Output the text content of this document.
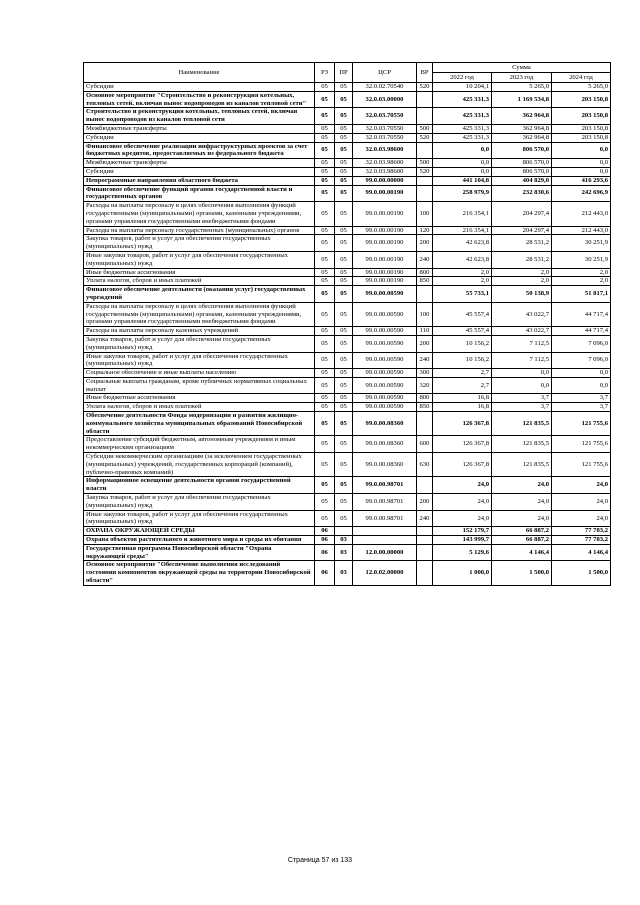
Наименование	РЗ	ПР	ЦСР	ВР	Сумма		
					2022 год	2023 год	2024 год
Субсидии	05	05	32.0.02.70540	520	10 204,1	5 265,0	5 265,0
Основное мероприятие "Строительство и реконструкция котельных, тепловых сетей, включая вынос водопроводов из каналов тепловой сети"	05	05	32.0.03.00000		425 331,3	1 169 534,8	203 150,8
Строительство и реконструкция котельных, тепловых сетей, включая вынос водопроводов из каналов тепловой сети	05	05	32.0.03.70550		425 331,3	362 964,8	203 150,8
Межбюджетные трансферты	05	05	32.0.03.70550	500	425 331,3	362 964,8	203 150,8
Субсидии	05	05	32.0.03.70550	520	425 331,3	362 964,8	203 150,8
Финансовое обеспечение реализации инфраструктурных проектов за счет бюджетных кредитов, предоставляемых из федерального бюджета	05	05	32.0.03.98600		0,0	806 570,0	0,0
Межбюджетные трансферты	05	05	32.0.03.98600	500	0,0	806 570,0	0,0
Субсидии	05	05	32.0.03.98600	520	0,0	806 570,0	0,0
Непрограммные направления областного бюджета	05	05	99.0.00.00000		441 104,8	404 829,0	416 293,6
Финансовое обеспечение функций органов государственной власти и государственных органов	05	05	99.0.00.00190		258 979,9	232 830,6	242 696,9
Расходы на выплаты персоналу в целях обеспечения выполнения функций государственными (муниципальными) органами, казенными учреждениями, органами управления государственными внебюджетными фондами	05	05	99.0.00.00190	100	216 354,1	204 297,4	212 443,0
Расходы на выплаты персоналу государственных (муниципальных) органов	05	05	99.0.00.00190	120	216 354,1	204 297,4	212 443,0
Закупка товаров, работ и услуг для обеспечения государственных (муниципальных) нужд	05	05	99.0.00.00190	200	42 623,8	28 531,2	30 251,9
Иные закупки товаров, работ и услуг для обеспечения государственных (муниципальных) нужд	05	05	99.0.00.00190	240	42 623,8	28 531,2	30 251,9
Иные бюджетные ассигнования	05	05	99.0.00.00190	800	2,0	2,0	2,0
Уплата налогов, сборов и иных платежей	05	05	99.0.00.00190	850	2,0	2,0	2,0
Финансовое обеспечение деятельности (оказания услуг) государственных учреждений	05	05	99.0.00.00590		55 733,1	50 138,9	51 817,1
Расходы на выплаты персоналу в целях обеспечения выполнения функций государственными (муниципальными) органами, казенными учреждениями, органами управления государственными внебюджетными фондами	05	05	99.0.00.00590	100	45 557,4	43 022,7	44 717,4
Расходы на выплаты персоналу казенных учреждений	05	05	99.0.00.00590	110	45 557,4	43 022,7	44 717,4
Закупка товаров, работ и услуг для обеспечения государственных (муниципальных) нужд	05	05	99.0.00.00590	200	10 156,2	7 112,5	7 096,0
Иные закупки товаров, работ и услуг для обеспечения государственных (муниципальных) нужд	05	05	99.0.00.00590	240	10 156,2	7 112,5	7 096,0
Социальное обеспечение и иные выплаты населению	05	05	99.0.00.00590	300	2,7	0,0	0,0
Социальные выплаты гражданам, кроме публичных нормативных социальных выплат	05	05	99.0.00.00590	320	2,7	0,0	0,0
Иные бюджетные ассигнования	05	05	99.0.00.00590	800	16,8	3,7	3,7
Уплата налогов, сборов и иных платежей	05	05	99.0.00.00590	850	16,8	3,7	3,7
Обеспечение деятельности Фонда модернизации и развития жилищно-коммунального хозяйства муниципальных образований Новосибирской области	05	05	99.0.00.08360		126 367,8	121 835,5	121 755,6
Предоставление субсидий бюджетным, автономным учреждениям и иным некоммерческим организациям	05	05	99.0.00.08360	600	126 367,8	121 835,5	121 755,6
Субсидии некоммерческим организациям (за исключением государственных (муниципальных) учреждений, государственных корпораций (компаний), публично-правовых компаний)	05	05	99.0.00.08360	630	126 367,8	121 835,5	121 755,6
Информационное освещение деятельности органов государственной власти	05	05	99.0.00.98701		24,0	24,0	24,0
Закупка товаров, работ и услуг для обеспечения государственных (муниципальных) нужд	05	05	99.0.00.98701	200	24,0	24,0	24,0
Иные закупки товаров, работ и услуг для обеспечения государственных (муниципальных) нужд	05	05	99.0.00.98701	240	24,0	24,0	24,0
ОХРАНА ОКРУЖАЮЩЕЙ СРЕДЫ	06				152 179,7	66 887,2	77 783,2
Охрана объектов растительного и животного мира и среды их обитания	06	03			143 999,7	66 887,2	77 783,2
Государственная программа Новосибирской области "Охрана окружающей среды"	06	03	12.0.00.00000		5 129,6	4 146,4	4 146,4
Основное мероприятие "Обеспечение выполнения исследований состояния компонентов окружающей среды на территории Новосибирской области"	06	03	12.0.02.00000		1 000,0	1 500,0	1 500,0
Страница 57 из 133
